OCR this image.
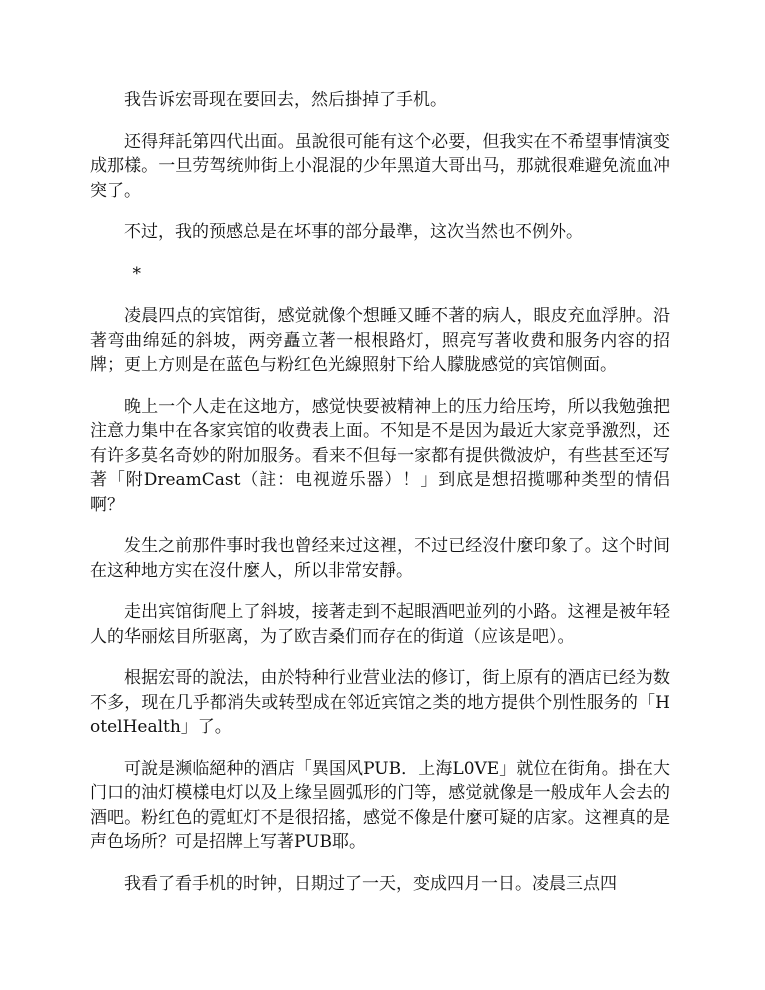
我告诉宏哥现在要回去，然后掛掉了手机。

还得拜託第四代出面。虽說很可能有这个必要，但我实在不希望事情演变成那樣。一旦劳驾统帅街上小混混的少年黑道大哥出马，那就很难避免流血冲突了。

不过，我的预感总是在坏事的部分最準，这次当然也不例外。

*

凌晨四点的宾馆街，感觉就像个想睡又睡不著的病人，眼皮充血浮肿。沿著弯曲绵延的斜坡，两旁矗立著一根根路灯，照亮写著收费和服务内容的招牌；更上方则是在蓝色与粉红色光線照射下给人朦胧感觉的宾馆侧面。

晚上一个人走在这地方，感觉快要被精神上的压力给压垮，所以我勉強把注意力集中在各家宾馆的收费表上面。不知是不是因为最近大家竞爭激烈，还有许多莫名奇妙的附加服务。看来不但每一家都有提供微波炉，有些甚至还写著「附DreamCast（註：电视遊乐器）！」到底是想招揽哪种类型的情侣啊？

发生之前那件事时我也曾经来过这裡，不过已经沒什麼印象了。这个时间在这种地方实在沒什麼人，所以非常安靜。

走出宾馆街爬上了斜坡，接著走到不起眼酒吧並列的小路。这裡是被年轻人的华丽炫目所驱离，为了欧吉桑们而存在的街道（应该是吧）。

根据宏哥的說法，由於特种行业营业法的修订，街上原有的酒店已经为数不多，现在几乎都消失或转型成在邻近宾馆之类的地方提供个別性服务的「HotelHealth」了。

可說是濒临絕种的酒店「異国风PUB．上海L0VE」就位在街角。掛在大门口的油灯模樣电灯以及上缘呈圆弧形的门等，感觉就像是一般成年人会去的酒吧。粉红色的霓虹灯不是很招搖，感觉不像是什麼可疑的店家。这裡真的是声色场所？可是招牌上写著PUB耶。

我看了看手机的时钟，日期过了一天，变成四月一日。凌晨三点四
